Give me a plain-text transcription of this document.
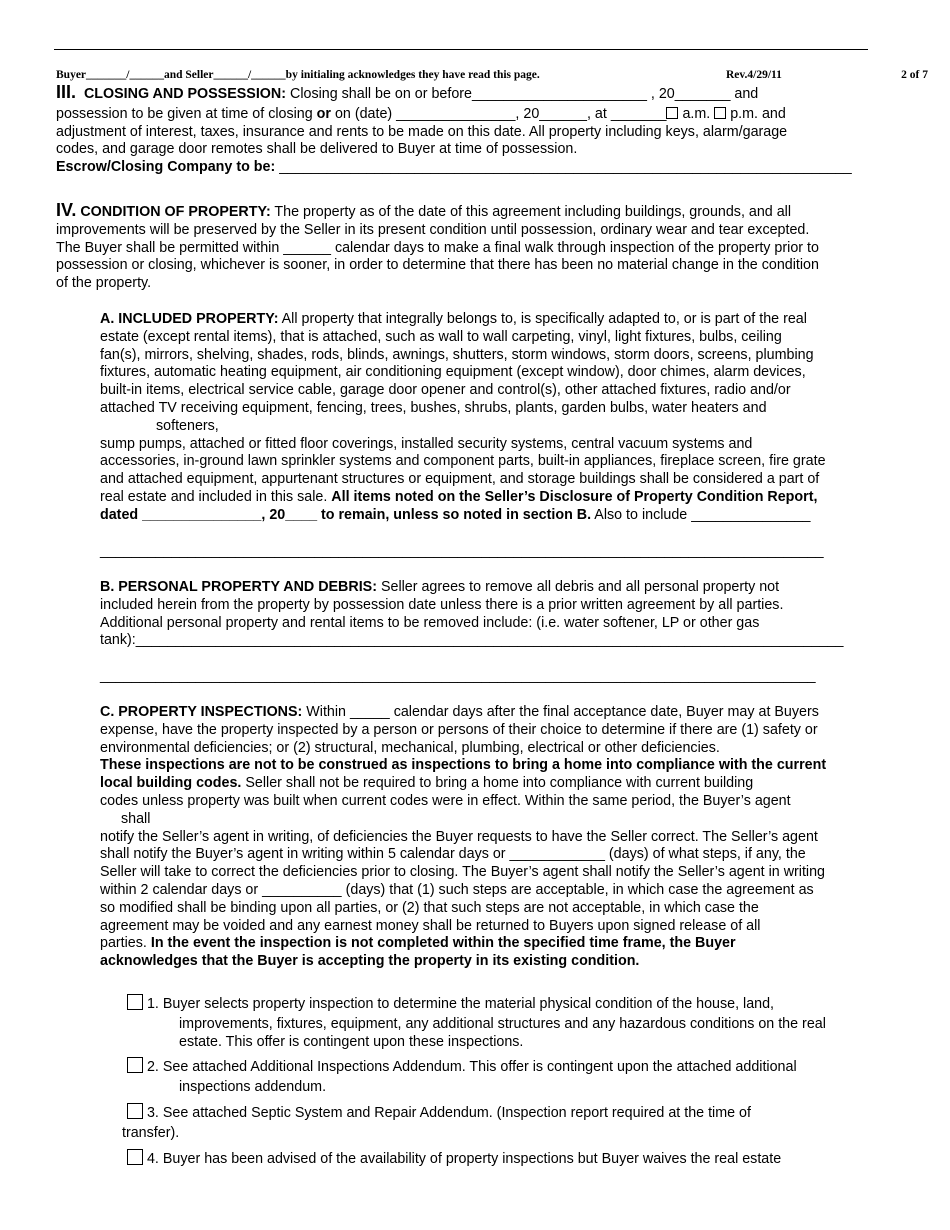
Buyer_______/______and Seller______/______by initialing acknowledges they have read this page.	Rev.4/29/11	2 of 7

III. CLOSING AND POSSESSION: Closing shall be on or before______________________ , 20_______ and

possession to be given at time of closing or on (date) _______________, 20______, at _______ a.m.  p.m. and

adjustment of interest, taxes, insurance and rents to be made on this date. All property including keys, alarm/garage

codes, and garage door remotes shall be delivered to Buyer at time of possession.

Escrow/Closing Company to be: ________________________________________________________________________

IV. CONDITION OF PROPERTY: The property as of the date of this agreement including buildings, grounds, and all

improvements will be preserved by the Seller in its present condition until possession, ordinary wear and tear excepted.

The Buyer shall be permitted within ______ calendar days to make a final walk through inspection of the property prior to

possession or closing, whichever is sooner, in order to determine that there has been no material change in the condition

of the property.

A. INCLUDED PROPERTY: All property that integrally belongs to, is specifically adapted to, or is part of the real

estate (except rental items), that is attached, such as wall to wall carpeting, vinyl, light fixtures, bulbs, ceiling

fan(s), mirrors, shelving, shades, rods, blinds, awnings, shutters, storm windows, storm doors, screens, plumbing

fixtures, automatic heating equipment, air conditioning equipment (except window), door chimes, alarm devices,

built-in items, electrical service cable, garage door opener and control(s), other attached fixtures, radio and/or

attached TV receiving equipment, fencing, trees, bushes, shrubs, plants, garden bulbs, water heaters and

softeners,

sump pumps, attached or fitted floor coverings, installed security systems, central vacuum systems and

accessories, in-ground lawn sprinkler systems and component parts, built-in appliances, fireplace screen, fire grate

and attached equipment, appurtenant structures or equipment, and storage buildings shall be considered a part of

real estate and included in this sale. All items noted on the Seller’s Disclosure of Property Condition Report,

dated _______________, 20____ to remain, unless so noted in section B. Also to include _______________

___________________________________________________________________________________________

B. PERSONAL PROPERTY AND DEBRIS: Seller agrees to remove all debris and all personal property not

included herein from the property by possession date unless there is a prior written agreement by all parties.

Additional personal property and rental items to be removed include: (i.e. water softener, LP or other gas

tank):_________________________________________________________________________________________

__________________________________________________________________________________________

C. PROPERTY INSPECTIONS: Within _____ calendar days after the final acceptance date, Buyer may at Buyers

expense, have the property inspected by a person or persons of their choice to determine if there are (1) safety or

environmental deficiencies; or (2) structural, mechanical, plumbing, electrical or other deficiencies.

These inspections are not to be construed as inspections to bring a home into compliance with the current

local building codes. Seller shall not be required to bring a home into compliance with current building

codes unless property was built when current codes were in effect. Within the same period, the Buyer’s agent

shall

notify the Seller’s agent in writing, of deficiencies the Buyer requests to have the Seller correct. The Seller’s agent

shall notify the Buyer’s agent in writing within 5 calendar days or ____________ (days) of what steps, if any, the

Seller will take to correct the deficiencies prior to closing. The Buyer’s agent shall notify the Seller’s agent in writing

within 2 calendar days or __________ (days) that (1) such steps are acceptable, in which case the agreement as

so modified shall be binding upon all parties, or (2) that such steps are not acceptable, in which case the

agreement may be voided and any earnest money shall be returned to Buyers upon signed release of all

parties. In the event the inspection is not completed within the specified time frame, the Buyer

acknowledges that the Buyer is accepting the property in its existing condition.

1. Buyer selects property inspection to determine the material physical condition of the house, land,

improvements, fixtures, equipment, any additional structures and any hazardous conditions on the real

estate. This offer is contingent upon these inspections.

2. See attached Additional Inspections Addendum. This offer is contingent upon the attached additional

inspections addendum.

3. See attached Septic System and Repair Addendum. (Inspection report required at the time of

transfer).

4. Buyer has been advised of the availability of property inspections but Buyer waives the real estate
